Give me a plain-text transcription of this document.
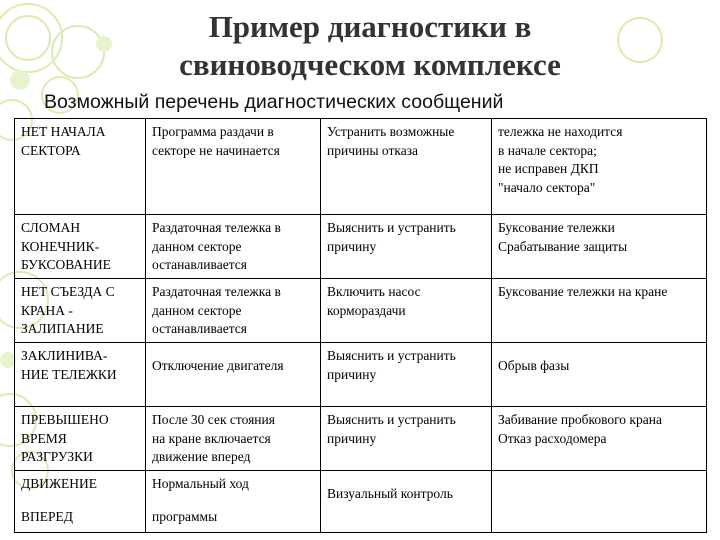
Пример диагностики в
свиноводческом комплексе
Возможный перечень диагностических сообщений
НЕТ НАЧАЛА
СЕКТОРА	Программа раздачи в
секторе не начинается	Устранить возможные
причины отказа	тележка не находится
в начале сектора;
не исправен ДКП
"начало сектора"

СЛОМАН
КОНЕЧНИК-
БУКСОВАНИЕ	Раздаточная тележка в
данном секторе
останавливается	Выяснить и устранить
причину	Буксование тележки
Срабатывание защиты

НЕТ СЪЕЗДА С
КРАНА -
ЗАЛИПАНИЕ	Раздаточная тележка в
данном секторе
останавливается	Включить насос
кормораздачи	Буксование тележки на кране

ЗАКЛИНИВА-
НИЕ ТЕЛЕЖКИ	Отключение двигателя	Выяснить и устранить
причину	Обрыв фазы

ПРЕВЫШЕНО
ВРЕМЯ
РАЗГРУЗКИ	После 30 сек стояния
на кране включается
движение вперед	Выяснить и устранить
причину	Забивание пробкового крана
Отказ расходомера

ДВИЖЕНИЕ
ВПЕРЕД	Нормальный ход
программы	Визуальный контроль	
